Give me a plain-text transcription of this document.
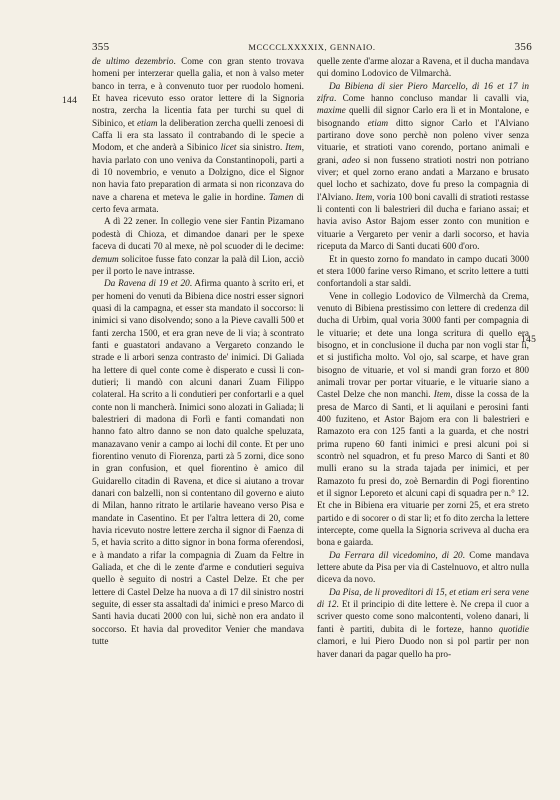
355	MCCCCLXXXXIX, GENNAIO.	356
144
145

de ultimo dezembrio. Come con gran stento trovava homeni per interzerar quella galia, et non à valso meter banco in terra, e à convenuto tuor per ruodolo homeni. Et havea ricevuto esso orator lettere di la Signoria nostra, zercha la licentia fata per turchi su quel di Sibinico, et etiam la deliberation zercha quelli zenoesi di Caffa li era sta lassato il contrabando di le specie a Modom, et che anderà a Sibinico licet sia sinistro. Item, havia parlato con uno veniva da Constantinopoli, parti a dì 10 novembrio, e venuto a Dolzigno, dice el Signor non havia fato preparation di armata si non riconzava do nave a charena et meteva le galie in hordine. Tamen di certo feva armata.

A dì 22 zener. In collegio vene sier Fantin Pizamano podestà di Chioza, et dimandoe danari per le spexe faceva di ducati 70 al mexe, nè pol scuoder di le decime: demum solicitoe fusse fato conzar la palà dil Lion, acciò per il porto le nave intrasse.

Da Ravena di 19 et 20. Afirma quanto à scrito eri, et per homeni do venuti da Bibiena dice nostri esser signori quasi di la campagna, et esser sta mandato il soccorso: li inimici si vano disolvendo; sono a la Pieve cavalli 500 et fanti zercha 1500, et era gran neve de li via; à scontrato fanti e guastatori andavano a Vergareto conzando le strade e li arbori senza contrasto de' inimici. Di Galiada ha lettere di quel conte come è disperato e cussì li condutieri; li mandò con alcuni danari Zuam Filippo colateral. Ha scrito a li condutieri per confortarli e a quel conte non li mancherà. Inimici sono alozati in Galiada; li balestrieri di madona di Forlì e fanti comandati non hanno fato altro danno se non dato qualche speluzata, manazavano venir a campo ai lochi dil conte. Et per uno fiorentino venuto di Fiorenza, parti zà 5 zorni, dice sono in gran confusion, et quel fiorentino è amico dil Guidarello citadin di Ravena, et dice si aiutano a trovar danari con balzelli, non si contentano dil governo e aiuto di Milan, hanno ritrato le artilarie haveano verso Pisa e mandate in Casentino. Et per l'altra lettera di 20, come havia ricevuto nostre lettere zercha il signor di Faenza di 5, et havia scrito a ditto signor in bona forma oferendosi, e à mandato a rifar la compagnia di Zuam da Feltre in Galiada, et che di le zente d'arme e condutieri seguiva quello è seguito di nostri a Castel Delze. Et che per lettere di Castel Delze ha nuova a dì 17 dil sinistro nostri seguite, di esser sta assaltadi da' inimici e preso Marco di Santi havia ducati 2000 con lui, sichè non era andato il soccorso. Et havia dal proveditor Venier che mandava tutte

quelle zente d'arme alozar a Ravena, et il ducha mandava qui domino Lodovico de Vilmarchà.

Da Bibiena di sier Piero Marcello, di 16 et 17 in zifra. Come hanno concluso mandar li cavalli via, maxime quelli dil signor Carlo era lì et in Montalone, e bisognando etiam ditto signor Carlo et l'Alviano partirano dove sono perchè non poleno viver senza vituarie, et stratioti vano corendo, portano animali e grani, adeo si non fusseno stratioti nostri non potriano viver; et quel zorno erano andati a Marzano e brusato quel locho et sachizato, dove fu preso la compagnia di l'Alviano. Item, voria 100 boni cavalli di stratioti restasse li contenti con li balestrieri dil ducha e fariano assai; et havia aviso Astor Bajom esser zonto con munition e vituarie a Vergareto per venir a darli socorso, et havia riceputa da Marco di Santi ducati 600 d'oro.

Et in questo zorno fo mandato in campo ducati 3000 et stera 1000 farine verso Rimano, et scrito lettere a tutti confortandoli a star saldi.

Vene in collegio Lodovico de Vilmerchà da Crema, venuto di Bibiena prestissimo con lettere di credenza dil ducha di Urbim, qual voria 3000 fanti per compagnia di le vituarie; et dete una longa scritura di quello era bisogno, et in conclusione il ducha par non vogli star lì, et si justificha molto. Vol ojo, sal scarpe, et have gran bisogno de vituarie, et vol si mandi gran forzo et 800 animali trovar per portar vituarie, e le vituarie siano a Castel Delze che non manchi. Item, disse la cossa de la presa de Marco di Santi, et li aquilani e perosini fanti 400 fuziteno, et Astor Bajom era con li balestrieri e Ramazoto era con 125 fanti a la guarda, et che nostri prima rupeno 60 fanti inimici e presi alcuni poi si scontrò nel squadron, et fu preso Marco di Santi et 80 mulli erano su la strada tajada per inimici, et per Ramazoto fu presi do, zoè Bernardin di Pogi fiorentino et il signor Leporeto et alcuni capi di squadra per n.° 12. Et che in Bibiena era vituarie per zorni 25, et era streto partido e di socorer o di star lì; et fo dito zercha la lettere intercepte, come quella la Signoria scriveva al ducha era bona e gaiarda.

Da Ferrara dil vicedomino, di 20. Come mandava lettere abute da Pisa per via di Castelnuovo, et altro nulla diceva da novo.

Da Pisa, de li proveditori di 15, et etiam eri sera vene di 12. Et il principio di dite lettere è. Ne crepa il cuor a scriver questo come sono malcontenti, voleno danari, li fanti è partiti, dubita di le forteze, hanno quotidie clamori, e lui Piero Duodo non si pol partir per non haver danari da pagar quello ha pro-
